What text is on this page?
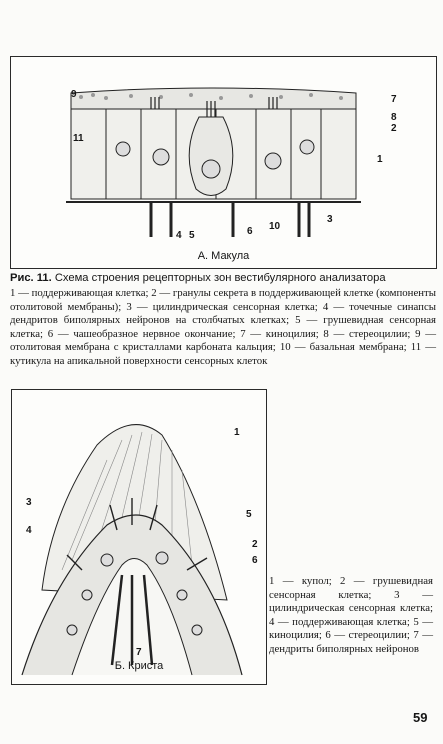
9
11
7
8
2
1
3
10
6
5
4
А. Макула
Рис. 11. Схема строения рецепторных зон вестибулярного анализатора
1 — поддерживающая клетка; 2 — гранулы секрета в поддерживающей клетке (компоненты отолитовой мембраны); 3 — цилиндрическая сенсорная клетка; 4 — точечные синапсы дендритов биполярных нейронов на столбчатых клетках; 5 — грушевидная сенсорная клетка; 6 — чашеобразное нервное окончание; 7 — киноцилия; 8 — стереоцилии; 9 — отолитовая мембрана с кристаллами карбоната кальция; 10 — базальная мембрана; 11 — кутикула на апикальной поверхности сенсорных клеток
1
5
2
6
3
4
7
Б. Криста
1 — купол; 2 — грушевидная сенсорная клетка; 3 — цилиндрическая сенсорная клетка; 4 — поддерживающая клетка; 5 — киноцилия; 6 — стереоцилии; 7 — дендриты биполярных нейронов
59
